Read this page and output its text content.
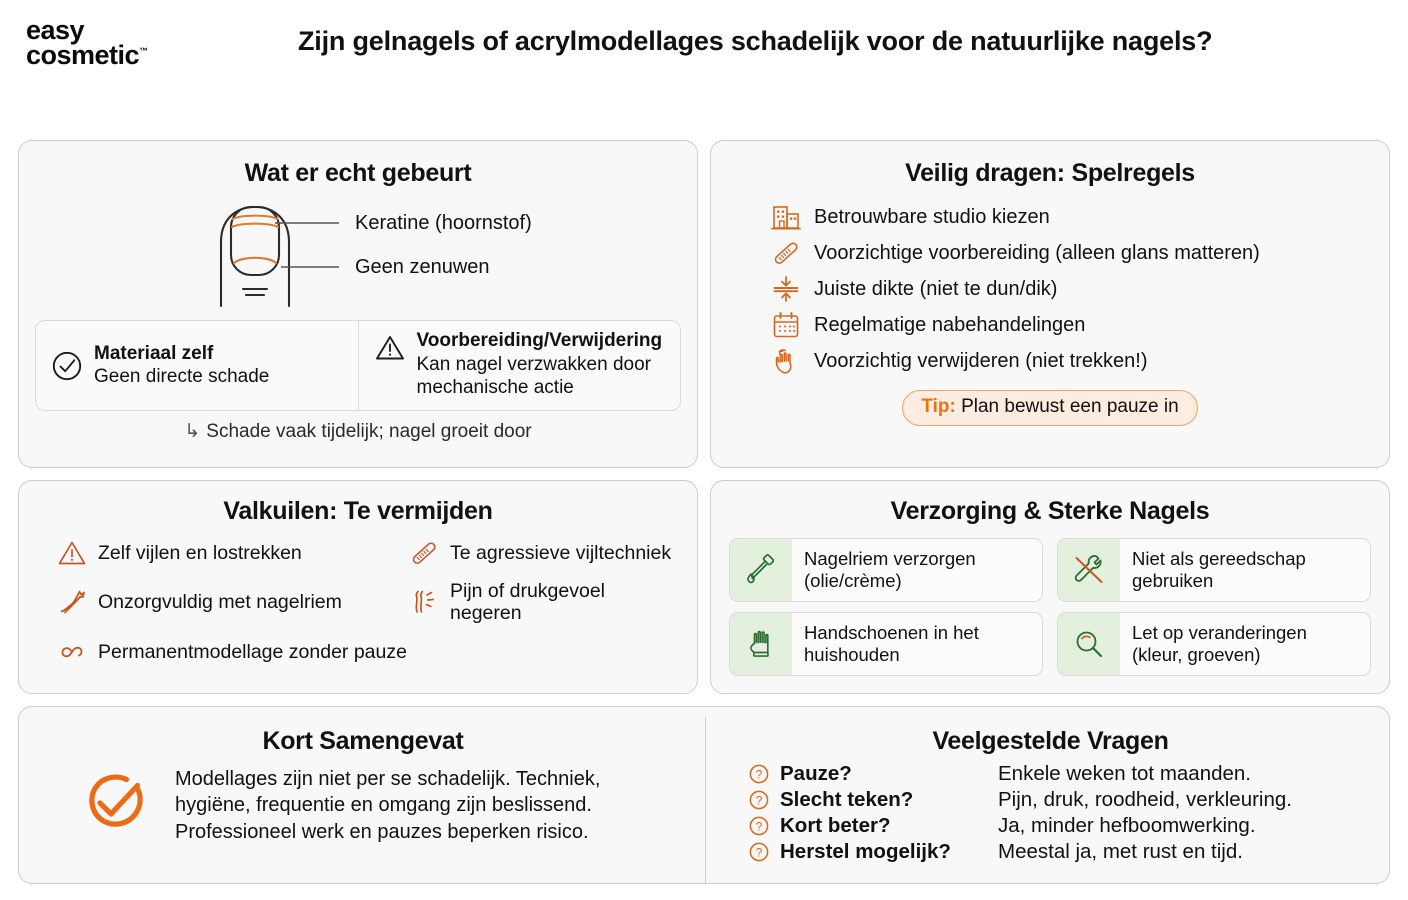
easy
cosmetic™	Zijn gelnagels of acrylmodellages schadelijk voor de natuurlijke nagels?
Wat er echt gebeurt
Keratine (hoornstof)
Geen zenuwen
Materiaal zelf
Geen directe schade
Voorbereiding/Verwijdering
Kan nagel verzwakken door mechanische actie
↳ Schade vaak tijdelijk; nagel groeit door
Veilig dragen: Spelregels
Betrouwbare studio kiezen
Voorzichtige voorbereiding (alleen glans matteren)
Juiste dikte (niet te dun/dik)
Regelmatige nabehandelingen
Voorzichtig verwijderen (niet trekken!)
Tip: Plan bewust een pauze in
Valkuilen: Te vermijden
Zelf vijlen en lostrekken	Te agressieve vijltechniek
Onzorgvuldig met nagelriem
Pijn of drukgevoel negeren
Permanentmodellage zonder pauze
Verzorging & Sterke Nagels
Nagelriem verzorgen (olie/crème)
Niet als gereedschap gebruiken
Handschoenen in het huishouden
Let op veranderingen (kleur, groeven)
Kort Samengevat
Modellages zijn niet per se schadelijk. Techniek, hygiëne, frequentie en omgang zijn beslissend. Professioneel werk en pauzes beperken risico.
Veelgestelde Vragen
? Pauze?	Enkele weken tot maanden.
? Slecht teken?	Pijn, druk, roodheid, verkleuring.
? Kort beter?	Ja, minder hefboomwerking.
? Herstel mogelijk?	Meestal ja, met rust en tijd.
